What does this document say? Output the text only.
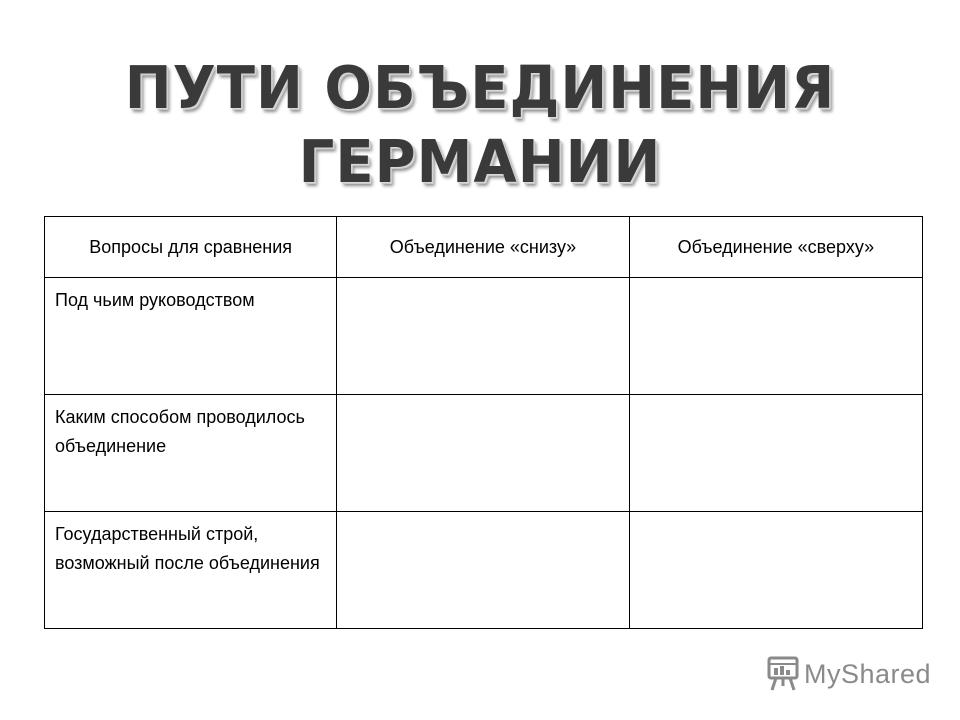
ПУТИ ОБЪЕДИНЕНИЯ
ГЕРМАНИИ
Вопросы для сравнения	Объединение «снизу»	Объединение «сверху»
Под чьим руководством		
Каким способом проводилось объединение		
Государственный строй, возможный после объединения		
MyShared
